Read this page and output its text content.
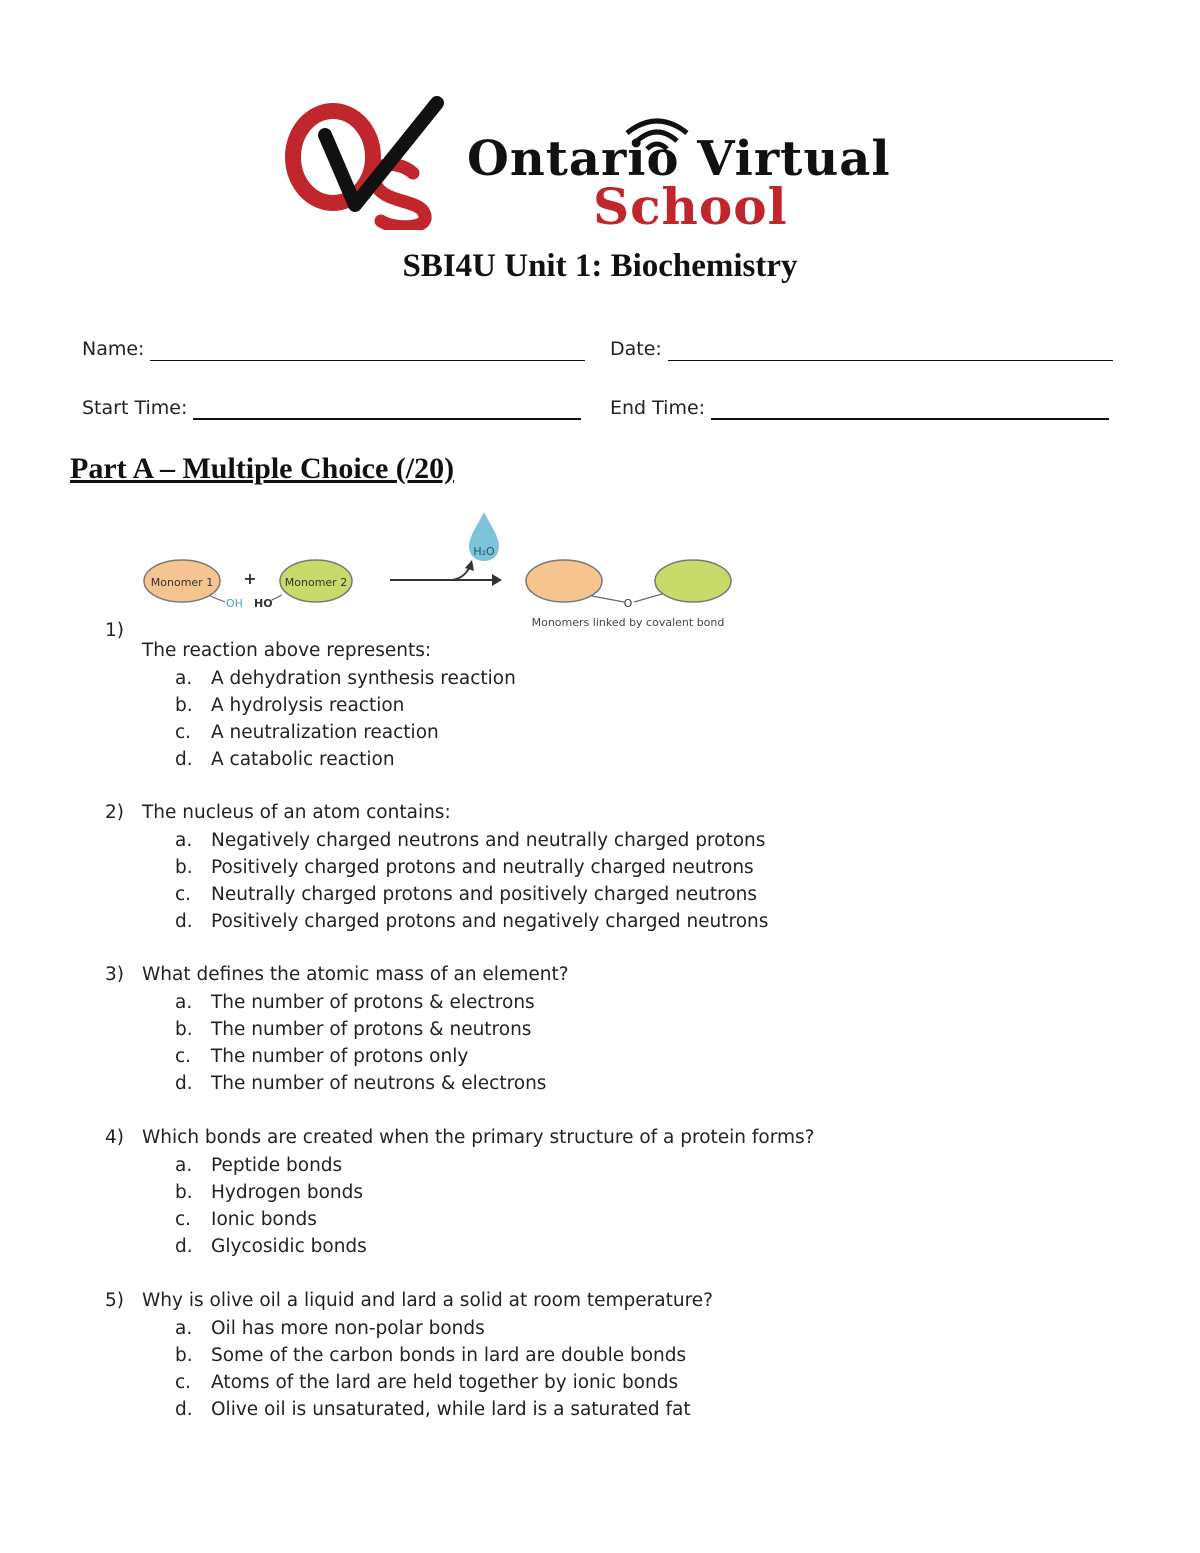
Ontario Virtual
School
SBI4U Unit 1: Biochemistry
Name:	Date:
Start Time:	End Time:
Part A – Multiple Choice (/20)
Monomer 1
OH
+
HO
Monomer 2
H₂O
O
Monomers linked by covalent bond
1)
The reaction above represents:
a. A dehydration synthesis reaction
b. A hydrolysis reaction
c. A neutralization reaction
d. A catabolic reaction
2) The nucleus of an atom contains:
a. Negatively charged neutrons and neutrally charged protons
b. Positively charged protons and neutrally charged neutrons
c. Neutrally charged protons and positively charged neutrons
d. Positively charged protons and negatively charged neutrons
3) What defines the atomic mass of an element?
a. The number of protons & electrons
b. The number of protons & neutrons
c. The number of protons only
d. The number of neutrons & electrons
4) Which bonds are created when the primary structure of a protein forms?
a. Peptide bonds
b. Hydrogen bonds
c. Ionic bonds
d. Glycosidic bonds
5) Why is olive oil a liquid and lard a solid at room temperature?
a. Oil has more non-polar bonds
b. Some of the carbon bonds in lard are double bonds
c. Atoms of the lard are held together by ionic bonds
d. Olive oil is unsaturated, while lard is a saturated fat
